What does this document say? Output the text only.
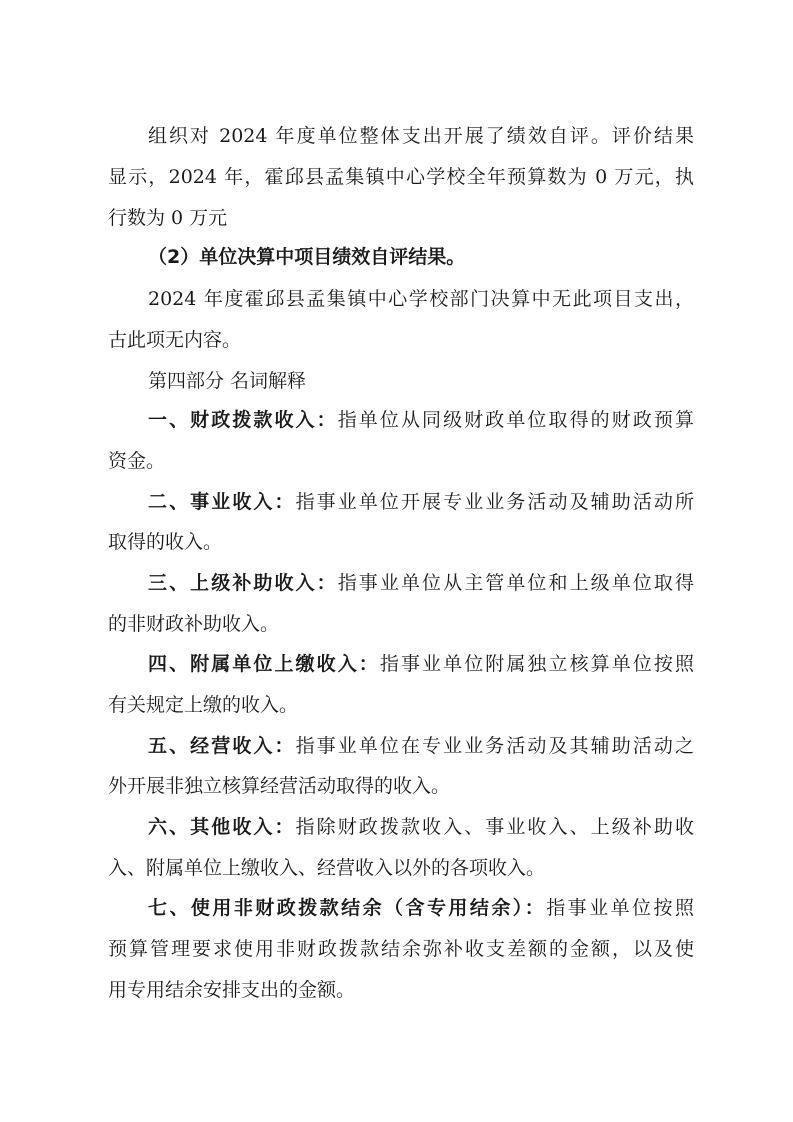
组织对 2024 年度单位整体支出开展了绩效自评。评价结果
显示，2024 年，霍邱县孟集镇中心学校全年预算数为 0 万元，执
行数为 0 万元
（2）单位决算中项目绩效自评结果。
2024 年度霍邱县孟集镇中心学校部门决算中无此项目支出，
古此项无内容。
第四部分 名词解释
一、财政拨款收入：指单位从同级财政单位取得的财政预算
资金。
二、事业收入：指事业单位开展专业业务活动及辅助活动所
取得的收入。
三、上级补助收入：指事业单位从主管单位和上级单位取得
的非财政补助收入。
四、附属单位上缴收入：指事业单位附属独立核算单位按照
有关规定上缴的收入。
五、经营收入：指事业单位在专业业务活动及其辅助活动之
外开展非独立核算经营活动取得的收入。
六、其他收入：指除财政拨款收入、事业收入、上级补助收
入、附属单位上缴收入、经营收入以外的各项收入。
七、使用非财政拨款结余（含专用结余）：指事业单位按照
预算管理要求使用非财政拨款结余弥补收支差额的金额，以及使
用专用结余安排支出的金额。
